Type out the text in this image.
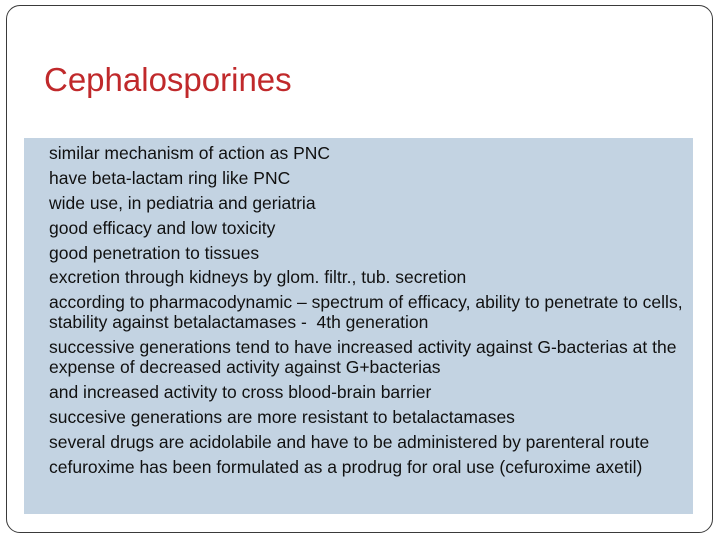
Cephalosporines
similar mechanism of action as PNC
have beta-lactam ring like PNC
wide use, in pediatria and geriatria
good efficacy and low toxicity
good penetration to tissues
excretion through kidneys by glom. filtr., tub. secretion
according to pharmacodynamic – spectrum of efficacy, ability to penetrate to cells, stability against betalactamases -  4th generation
successive generations tend to have increased activity against G-bacterias at the expense of decreased activity against G+bacterias
and increased activity to cross blood-brain barrier
succesive generations are more resistant to betalactamases
several drugs are acidolabile and have to be administered by parenteral route
cefuroxime has been formulated as a prodrug for oral use (cefuroxime axetil)
